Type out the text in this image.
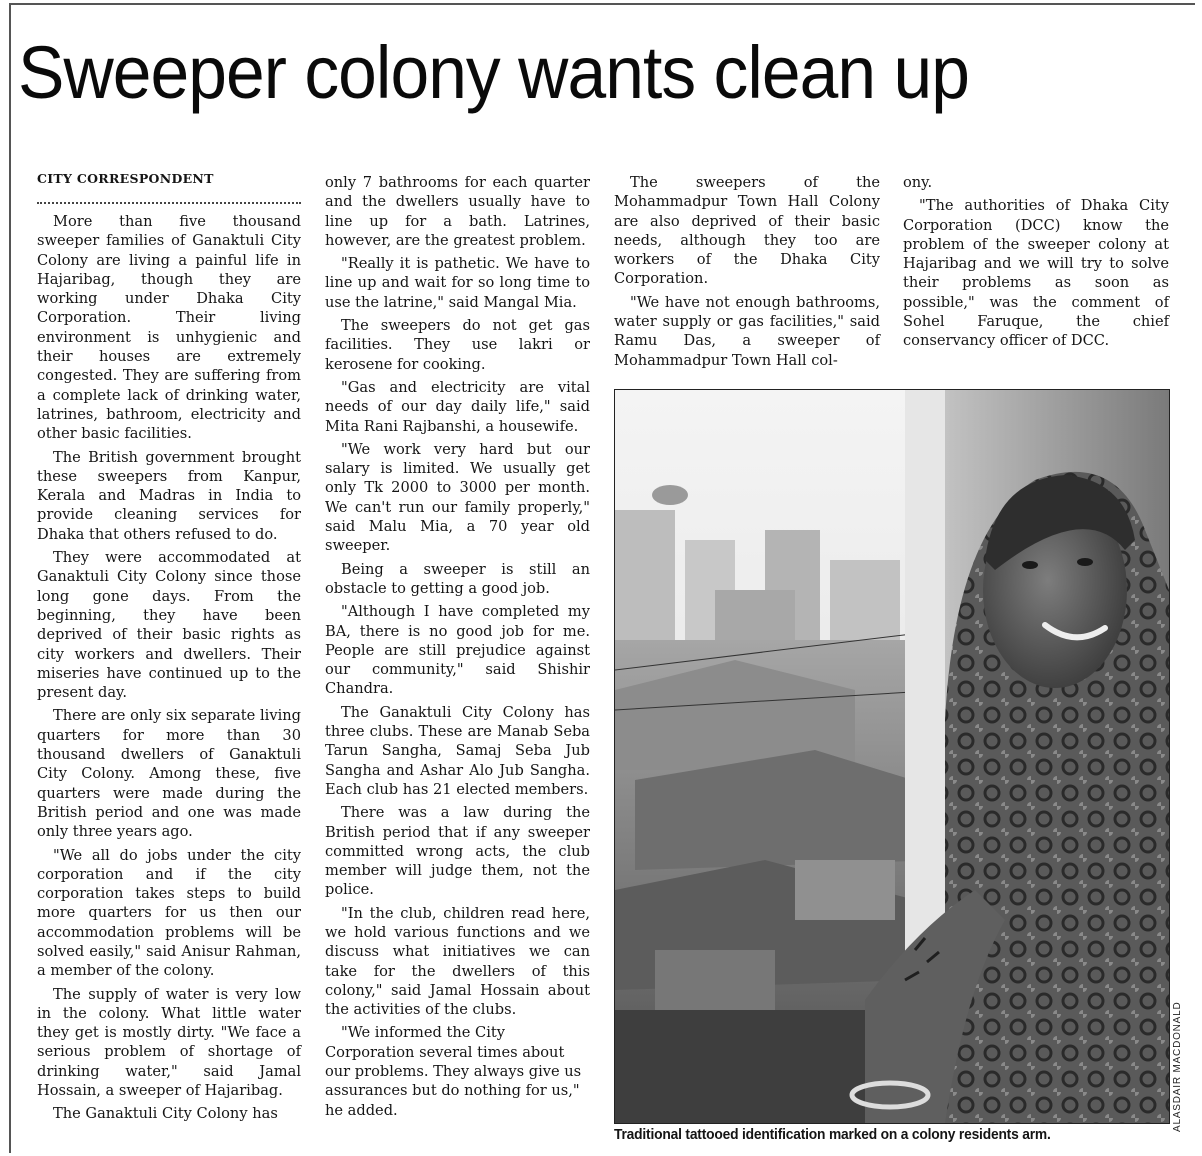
Sweeper colony wants clean up
CITY CORRESPONDENT

More than five thousand sweeper families of Ganaktuli City Colony are living a painful life in Hajaribag, though they are working under Dhaka City Corporation. Their living environment is unhygienic and their houses are extremely congested. They are suffering from a complete lack of drinking water, latrines, bathroom, electricity and other basic facilities.

The British government brought these sweepers from Kanpur, Kerala and Madras in India to provide cleaning services for Dhaka that others refused to do.

They were accommodated at Ganaktuli City Colony since those long gone days. From the beginning, they have been deprived of their basic rights as city workers and dwellers. Their miseries have continued up to the present day.

There are only six separate living quarters for more than 30 thousand dwellers of Ganaktuli City Colony. Among these, five quarters were made during the British period and one was made only three years ago.

"We all do jobs under the city corporation and if the city corporation takes steps to build more quarters for us then our accommodation problems will be solved easily," said Anisur Rahman, a member of the colony.

The supply of water is very low in the colony. What little water they get is mostly dirty. "We face a serious problem of shortage of drinking water," said Jamal Hossain, a sweeper of Hajaribag.

The Ganaktuli City Colony has

only 7 bathrooms for each quarter and the dwellers usually have to line up for a bath. Latrines, however, are the greatest problem.

"Really it is pathetic. We have to line up and wait for so long time to use the latrine," said Mangal Mia.

The sweepers do not get gas facilities. They use lakri or kerosene for cooking.

"Gas and electricity are vital needs of our day daily life," said Mita Rani Rajbanshi, a housewife.

"We work very hard but our salary is limited. We usually get only Tk 2000 to 3000 per month. We can't run our family properly," said Malu Mia, a 70 year old sweeper.

Being a sweeper is still an obstacle to getting a good job.

"Although I have completed my BA, there is no good job for me. People are still prejudice against our community," said Shishir Chandra.

The Ganaktuli City Colony has three clubs. These are Manab Seba Tarun Sangha, Samaj Seba Jub Sangha and Ashar Alo Jub Sangha. Each club has 21 elected members.

There was a law during the British period that if any sweeper committed wrong acts, the club member will judge them, not the police.

"In the club, children read here, we hold various functions and we discuss what initiatives we can take for the dwellers of this colony," said Jamal Hossain about the activities of the clubs.

"We informed the City Corporation several times about our problems. They always give us assurances but do nothing for us," he added.

The sweepers of the Mohammadpur Town Hall Colony are also deprived of their basic needs, although they too are workers of the Dhaka City Corporation.

"We have not enough bathrooms, water supply or gas facilities," said Ramu Das, a sweeper of Mohammadpur Town Hall col-

ony.

"The authorities of Dhaka City Corporation (DCC) know the problem of the sweeper colony at Hajaribag and we will try to solve their problems as soon as possible," was the comment of Sohel Faruque, the chief conservancy officer of DCC.

ALASDAIR MACDONALD
Traditional tattooed identification marked on a colony residents arm.
